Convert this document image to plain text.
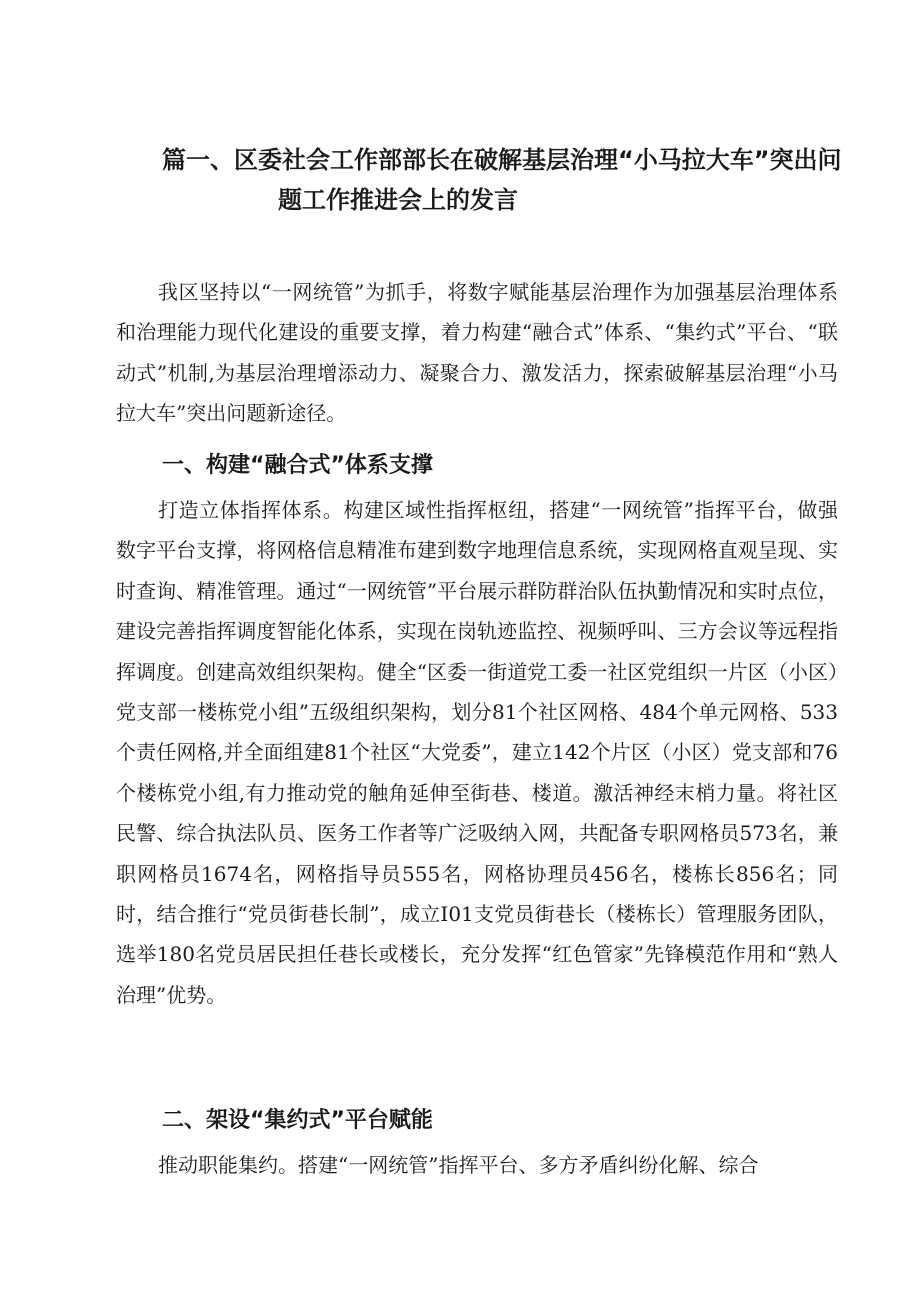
篇一、区委社会工作部部长在破解基层治理“小马拉大车”突出问
题工作推进会上的发言

我区坚持以“一网统管”为抓手，将数字赋能基层治理作为加强基层治理体系和治理能力现代化建设的重要支撑，着力构建“融合式”体系、“集约式”平台、“联动式”机制,为基层治理增添动力、凝聚合力、激发活力，探索破解基层治理“小马拉大车”突出问题新途径。

一、构建“融合式”体系支撑

打造立体指挥体系。构建区域性指挥枢纽，搭建“一网统管”指挥平台，做强数字平台支撑，将网格信息精准布建到数字地理信息系统，实现网格直观呈现、实时查询、精准管理。通过“一网统管”平台展示群防群治队伍执勤情况和实时点位，建设完善指挥调度智能化体系，实现在岗轨迹监控、视频呼叫、三方会议等远程指挥调度。创建高效组织架构。健全“区委一街道党工委一社区党组织一片区（小区）党支部一楼栋党小组”五级组织架构，划分81个社区网格、484个单元网格、533个责任网格,并全面组建81个社区“大党委”，建立142个片区（小区）党支部和76个楼栋党小组,有力推动党的触角延伸至街巷、楼道。激活神经末梢力量。将社区民警、综合执法队员、医务工作者等广泛吸纳入网，共配备专职网格员573名，兼职网格员1674名，网格指导员555名，网格协理员456名，楼栋长856名；同时，结合推行“党员街巷长制”，成立I01支党员街巷长（楼栋长）管理服务团队，选举180名党员居民担任巷长或楼长，充分发挥“红色管家”先锋模范作用和“熟人治理”优势。

二、架设“集约式”平台赋能

推动职能集约。搭建“一网统管”指挥平台、多方矛盾纠纷化解、综合
